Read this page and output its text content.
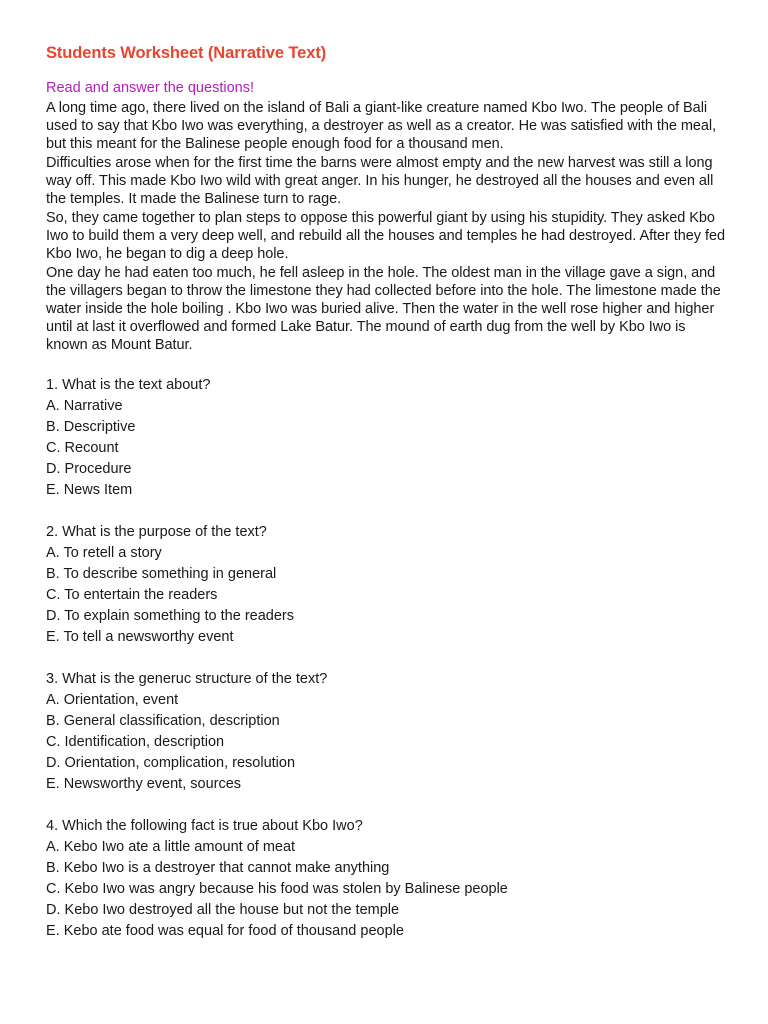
Students Worksheet (Narrative Text)

Read and answer the questions!

A long time ago, there lived on the island of Bali a giant-like creature named Kbo Iwo. The people of Bali used to say that Kbo Iwo was everything, a destroyer as well as a creator. He was satisfied with the meal, but this meant for the Balinese people enough food for a thousand men.

Difficulties arose when for the first time the barns were almost empty and the new harvest was still a long way off. This made Kbo Iwo wild with great anger. In his hunger, he destroyed all the houses and even all the temples. It made the Balinese turn to rage.

So, they came together to plan steps to oppose this powerful giant by using his stupidity. They asked Kbo Iwo to build them a very deep well, and rebuild all the houses and temples he had destroyed. After they fed Kbo Iwo, he began to dig a deep hole.

One day he had eaten too much, he fell asleep in the hole. The oldest man in the village gave a sign, and the villagers began to throw the limestone they had collected before into the hole. The limestone made the water inside the hole boiling . Kbo Iwo was buried alive. Then the water in the well rose higher and higher until at last it overflowed and formed Lake Batur. The mound of earth dug from the well by Kbo Iwo is known as Mount Batur.

1. What is the text about?

A. Narrative

B. Descriptive

C. Recount

D. Procedure

E. News Item

2. What is the purpose of the text?

A. To retell a story

B. To describe something in general

C. To entertain the readers

D. To explain something to the readers

E. To tell a newsworthy event

3. What is the generuc structure of the text?

A. Orientation, event

B. General classification, description

C. Identification, description

D. Orientation, complication, resolution

E. Newsworthy event, sources

4. Which the following fact is true about Kbo Iwo?

A. Kebo Iwo ate a little amount of meat

B. Kebo Iwo is a destroyer that cannot make anything

C. Kebo Iwo was angry because his food was stolen by Balinese people

D. Kebo Iwo destroyed all the house but not the temple

E. Kebo ate food was equal for food of thousand people
